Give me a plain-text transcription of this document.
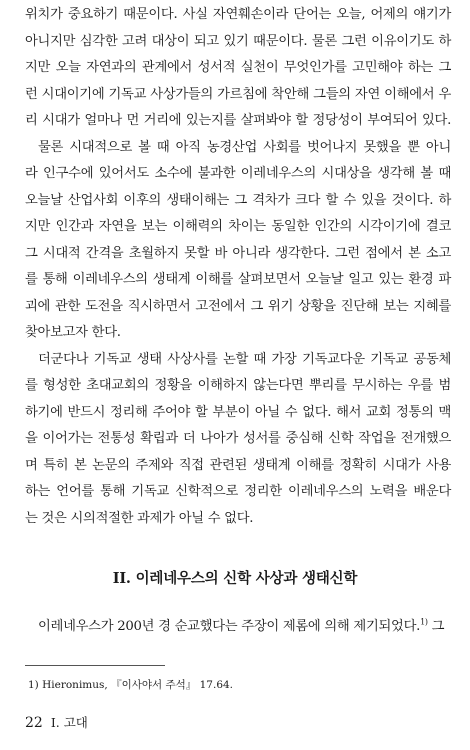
위치가 중요하기 때문이다. 사실 자연훼손이라 단어는 오늘, 어제의 얘기가

아니지만 심각한 고려 대상이 되고 있기 때문이다. 물론 그런 이유이기도 하

지만 오늘 자연과의 관계에서 성서적 실천이 무엇인가를 고민해야 하는 그

런 시대이기에 기독교 사상가들의 가르침에 착안해 그들의 자연 이해에서 우

리 시대가 얼마나 먼 거리에 있는지를 살펴봐야 할 정당성이 부여되어 있다.

물론 시대적으로 볼 때 아직 농경산업 사회를 벗어나지 못했을 뿐 아니

라 인구수에 있어서도 소수에 불과한 이레네우스의 시대상을 생각해 볼 때

오늘날 산업사회 이후의 생태이해는 그 격차가 크다 할 수 있을 것이다. 하

지만 인간과 자연을 보는 이해력의 차이는 동일한 인간의 시각이기에 결코

그 시대적 간격을 초월하지 못할 바 아니라 생각한다. 그런 점에서 본 소고

를 통해 이레네우스의 생태계 이해를 살펴보면서 오늘날 일고 있는 환경 파

괴에 관한 도전을 직시하면서 고전에서 그 위기 상황을 진단해 보는 지혜를

찾아보고자 한다.

더군다나 기독교 생태 사상사를 논할 때 가장 기독교다운 기독교 공동체

를 형성한 초대교회의 정황을 이해하지 않는다면 뿌리를 무시하는 우를 범

하기에 반드시 정리해 주어야 할 부분이 아닐 수 없다. 해서 교회 정통의 맥

을 이어가는 전통성 확립과 더 나아가 성서를 중심해 신학 작업을 전개했으

며 특히 본 논문의 주제와 직접 관련된 생태계 이해를 정확히 시대가 사용

하는 언어를 통해 기독교 신학적으로 정리한 이레네우스의 노력을 배운다

는 것은 시의적절한 과제가 아닐 수 없다.

II. 이레네우스의 신학 사상과 생태신학
이레네우스가 200년 경 순교했다는 주장이 제롬에 의해 제기되었다.$^{1)}$ 그
1) Hieronimus, 『이사야서 주석』 17.64.
22 I. 고대
